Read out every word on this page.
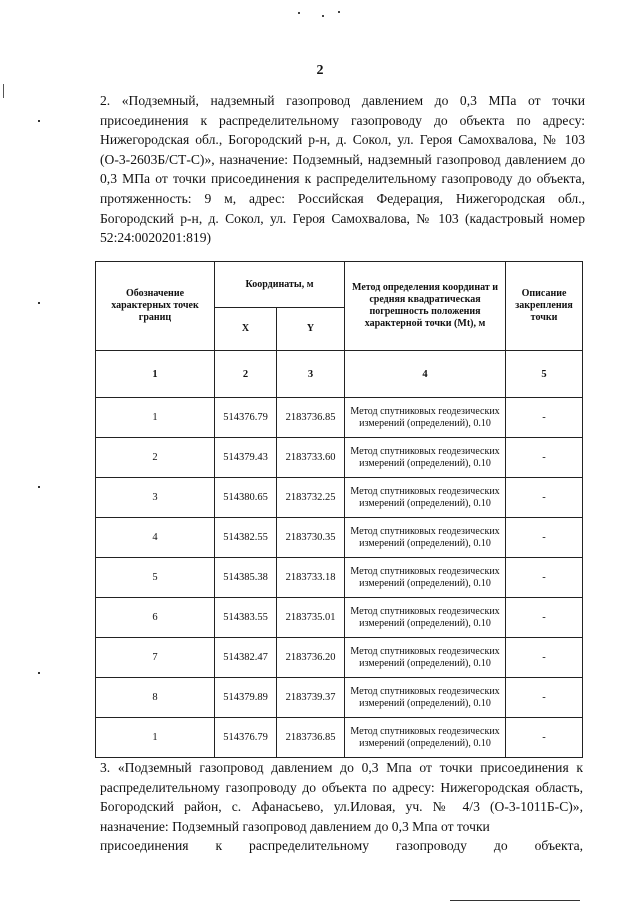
2
2. «Подземный, надземный газопровод давлением до 0,3 МПа от точки присоединения к распределительному газопроводу до объекта по адресу: Нижегородская обл., Богородский р-н, д. Сокол, ул. Героя Самохвалова, № 103 (О-3-2603Б/СТ-С)», назначение: Подземный, надземный газопровод давлением до 0,3 МПа от точки присоединения к распределительному газопроводу до объекта, протяженность: 9 м, адрес: Российская Федерация, Нижегородская обл., Богородский р-н, д. Сокол, ул. Героя Самохвалова, № 103 (кадастровый номер 52:24:0020201:819)
Обозначение характерных точек границ	Координаты, м		Метод определения координат и средняя квадратическая погрешность положения характерной точки (Mt), м	Описание закрепления точки
	X	Y		
1	2	3	4	5
1	514376.79	2183736.85	Метод спутниковых геодезических измерений (определений), 0.10	-
2	514379.43	2183733.60	Метод спутниковых геодезических измерений (определений), 0.10	-
3	514380.65	2183732.25	Метод спутниковых геодезических измерений (определений), 0.10	-
4	514382.55	2183730.35	Метод спутниковых геодезических измерений (определений), 0.10	-
5	514385.38	2183733.18	Метод спутниковых геодезических измерений (определений), 0.10	-
6	514383.55	2183735.01	Метод спутниковых геодезических измерений (определений), 0.10	-
7	514382.47	2183736.20	Метод спутниковых геодезических измерений (определений), 0.10	-
8	514379.89	2183739.37	Метод спутниковых геодезических измерений (определений), 0.10	-
1	514376.79	2183736.85	Метод спутниковых геодезических измерений (определений), 0.10	-
3. «Подземный газопровод давлением до 0,3 Мпа от точки присоединения к распределительному газопроводу до объекта по адресу: Нижегородская область, Богородский район, с. Афанасьево, ул.Иловая, уч. № 4/3 (О-3-1011Б-С)», назначение: Подземный газопровод давлением до 0,3 Мпа от точки
присоединения к распределительному газопроводу до объекта,
